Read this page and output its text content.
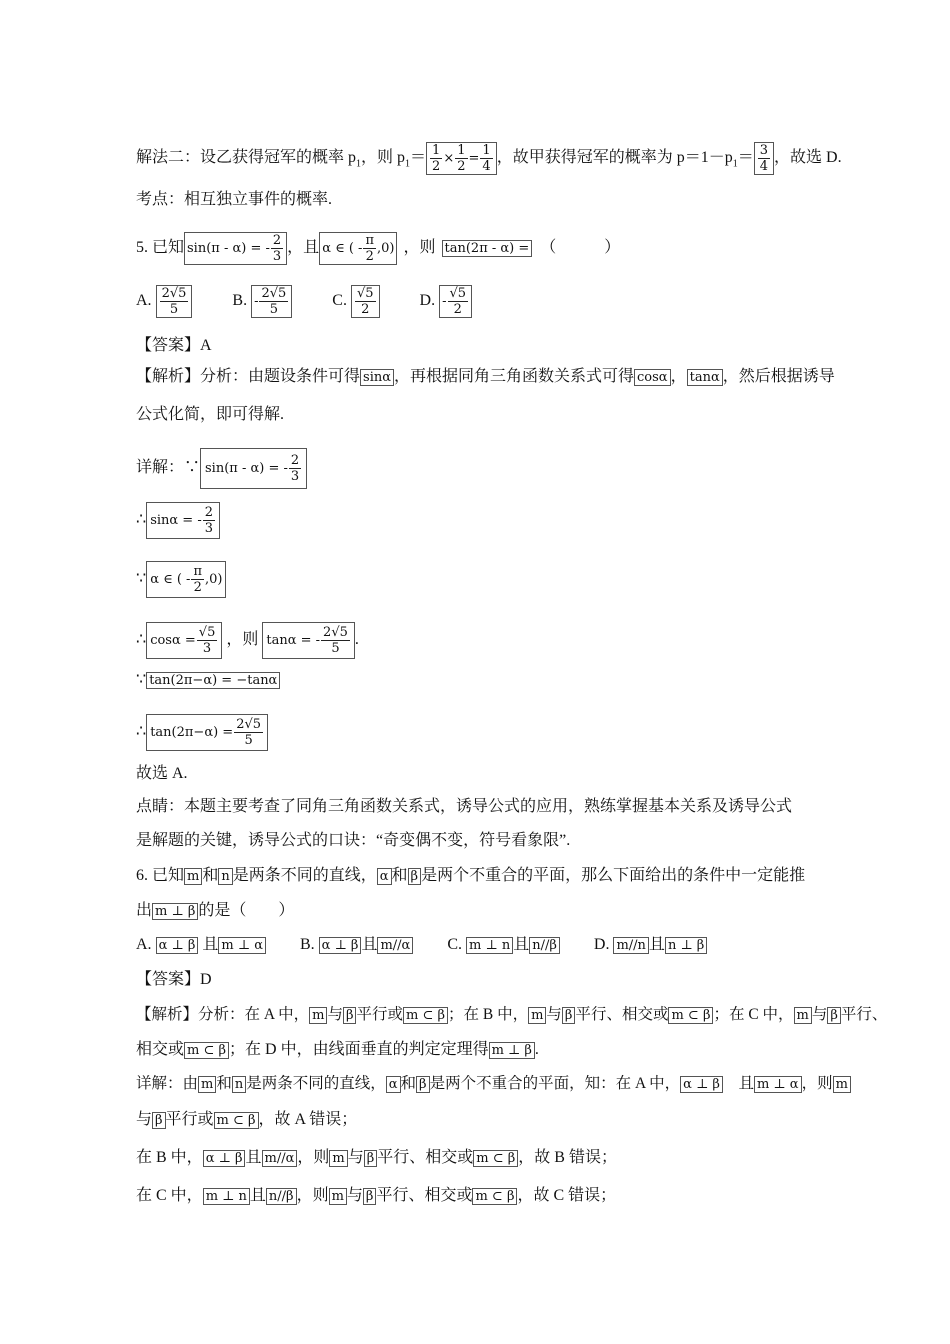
解法二：设乙获得冠军的概率 $p_1$，则 $p_1= \frac{1}{2} \times \frac{1}{2} = \frac{1}{4}$ ，故甲获得冠军的概率为 $p=1-p_1= \frac{3}{4}$ ，故选 D.
考点：相互独立事件的概率.
5. 已知 sin(π - α) = - $\frac{2}{3}$ ，且 α ∈ ( - $\frac{\pi}{2} ,0$) ，则 tan(2π - α) = （　　　）
A. $\frac{2√5}{5}$	B. - $\frac{2√5}{5}$	C. $\frac{√5}{2}$	D. - $\frac{√5}{2}$
【答案】A
【解析】分析：由题设条件可得 sinα ，再根据同角三角函数关系式可得 cosα ， tanα ，然后根据诱导
公式化简，即可得解.
详解：∵ sin(π - α) = - $\frac{2}{3}$
∴ sinα = - $\frac{2}{3}$
∵ α ∈ ( - $\frac{\pi}{2} ,0$)
∴ $\cos\alpha = \frac{√5}{3}$ ，则 tanα = - $\frac{2√5}{5}$ .
∵ tan(2π−α) = −tanα
∴ $\tan(2\pi-\alpha) = \frac{2√5}{5}$
故选 A.
点睛：本题主要考查了同角三角函数关系式，诱导公式的应用，熟练掌握基本关系及诱导公式
是解题的关键，诱导公式的口诀：“奇变偶不变，符号看象限”.
6. 已知 m 和 n 是两条不同的直线， α 和 β 是两个不重合的平面，那么下面给出的条件中一定能推
出 m ⊥ β 的是（　　）
A. α ⊥ β 且 m ⊥ α B. α ⊥ β 且 m//α C. m ⊥ n 且 n//β D. m//n 且 n ⊥ β
【答案】D
【解析】分析：在 A 中， m 与 β 平行或 m ⊂ β ；在 B 中， m 与 β 平行、相交或 m ⊂ β ；在 C 中， m 与 β 平行、
相交或 m ⊂ β ；在 D 中，由线面垂直的判定定理得 m ⊥ β .
详解：由 m 和 n 是两条不同的直线， α 和 β 是两个不重合的平面，知：在 A 中， α ⊥ β　且 m ⊥ α ，则 m
与 β 平行或 m ⊂ β ，故 A 错误；
在 B 中， α ⊥ β 且 m//α ，则 m 与 β 平行、相交或 m ⊂ β ，故 B 错误；
在 C 中， m ⊥ n 且 n//β ，则 m 与 β 平行、相交或 m ⊂ β ，故 C 错误；
